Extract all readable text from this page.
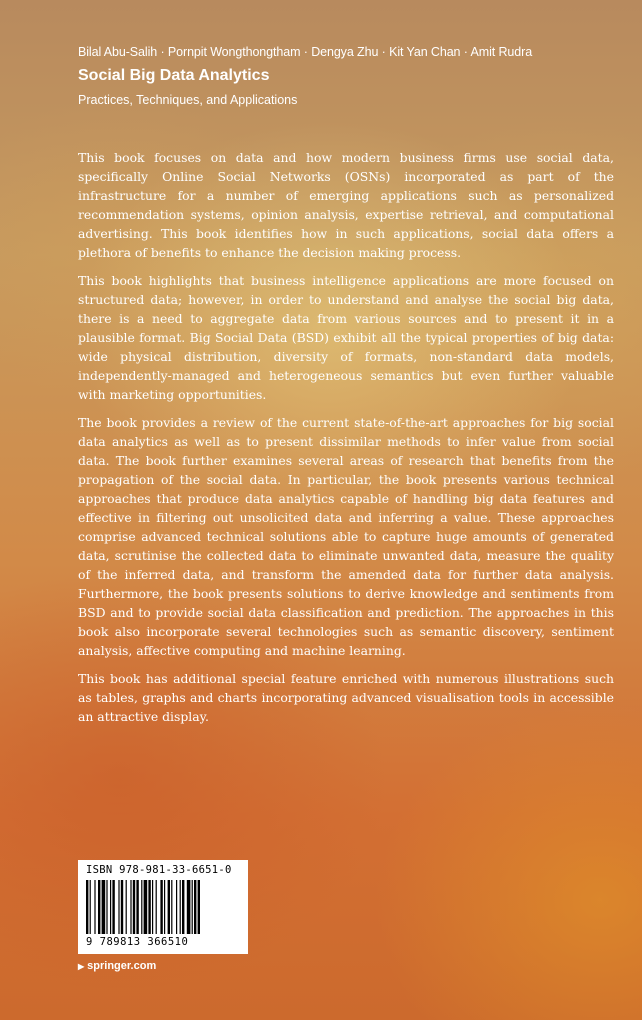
Bilal Abu-Salih · Pornpit Wongthongtham · Dengya Zhu · Kit Yan Chan · Amit Rudra
Social Big Data Analytics
Practices, Techniques, and Applications

This book focuses on data and how modern business firms use social data, specifically Online Social Networks (OSNs) incorporated as part of the infrastructure for a number of emerging applications such as personalized recommendation systems, opinion analysis, expertise retrieval, and computational advertising. This book identifies how in such applications, social data offers a plethora of benefits to enhance the decision making process.

This book highlights that business intelligence applications are more focused on structured data; however, in order to understand and analyse the social big data, there is a need to aggregate data from various sources and to present it in a plausible format. Big Social Data (BSD) exhibit all the typical properties of big data: wide physical distribution, diversity of formats, non-standard data models, independently-managed and heterogeneous semantics but even further valuable with marketing opportunities.

The book provides a review of the current state-of-the-art approaches for big social data analytics as well as to present dissimilar methods to infer value from social data. The book further examines several areas of research that benefits from the propagation of the social data. In particular, the book presents various technical approaches that produce data analytics capable of handling big data features and effective in filtering out unsolicited data and inferring a value. These approaches comprise advanced technical solutions able to capture huge amounts of generated data, scrutinise the collected data to eliminate unwanted data, measure the quality of the inferred data, and transform the amended data for further data analysis. Furthermore, the book presents solutions to derive knowledge and sentiments from BSD and to provide social data classification and prediction. The approaches in this book also incorporate several technologies such as semantic discovery, sentiment analysis, affective computing and machine learning.

This book has additional special feature enriched with numerous illustrations such as tables, graphs and charts incorporating advanced visualisation tools in accessible an attractive display.

ISBN 978-981-33-6651-0
9 789813 366510
▶ springer.com
